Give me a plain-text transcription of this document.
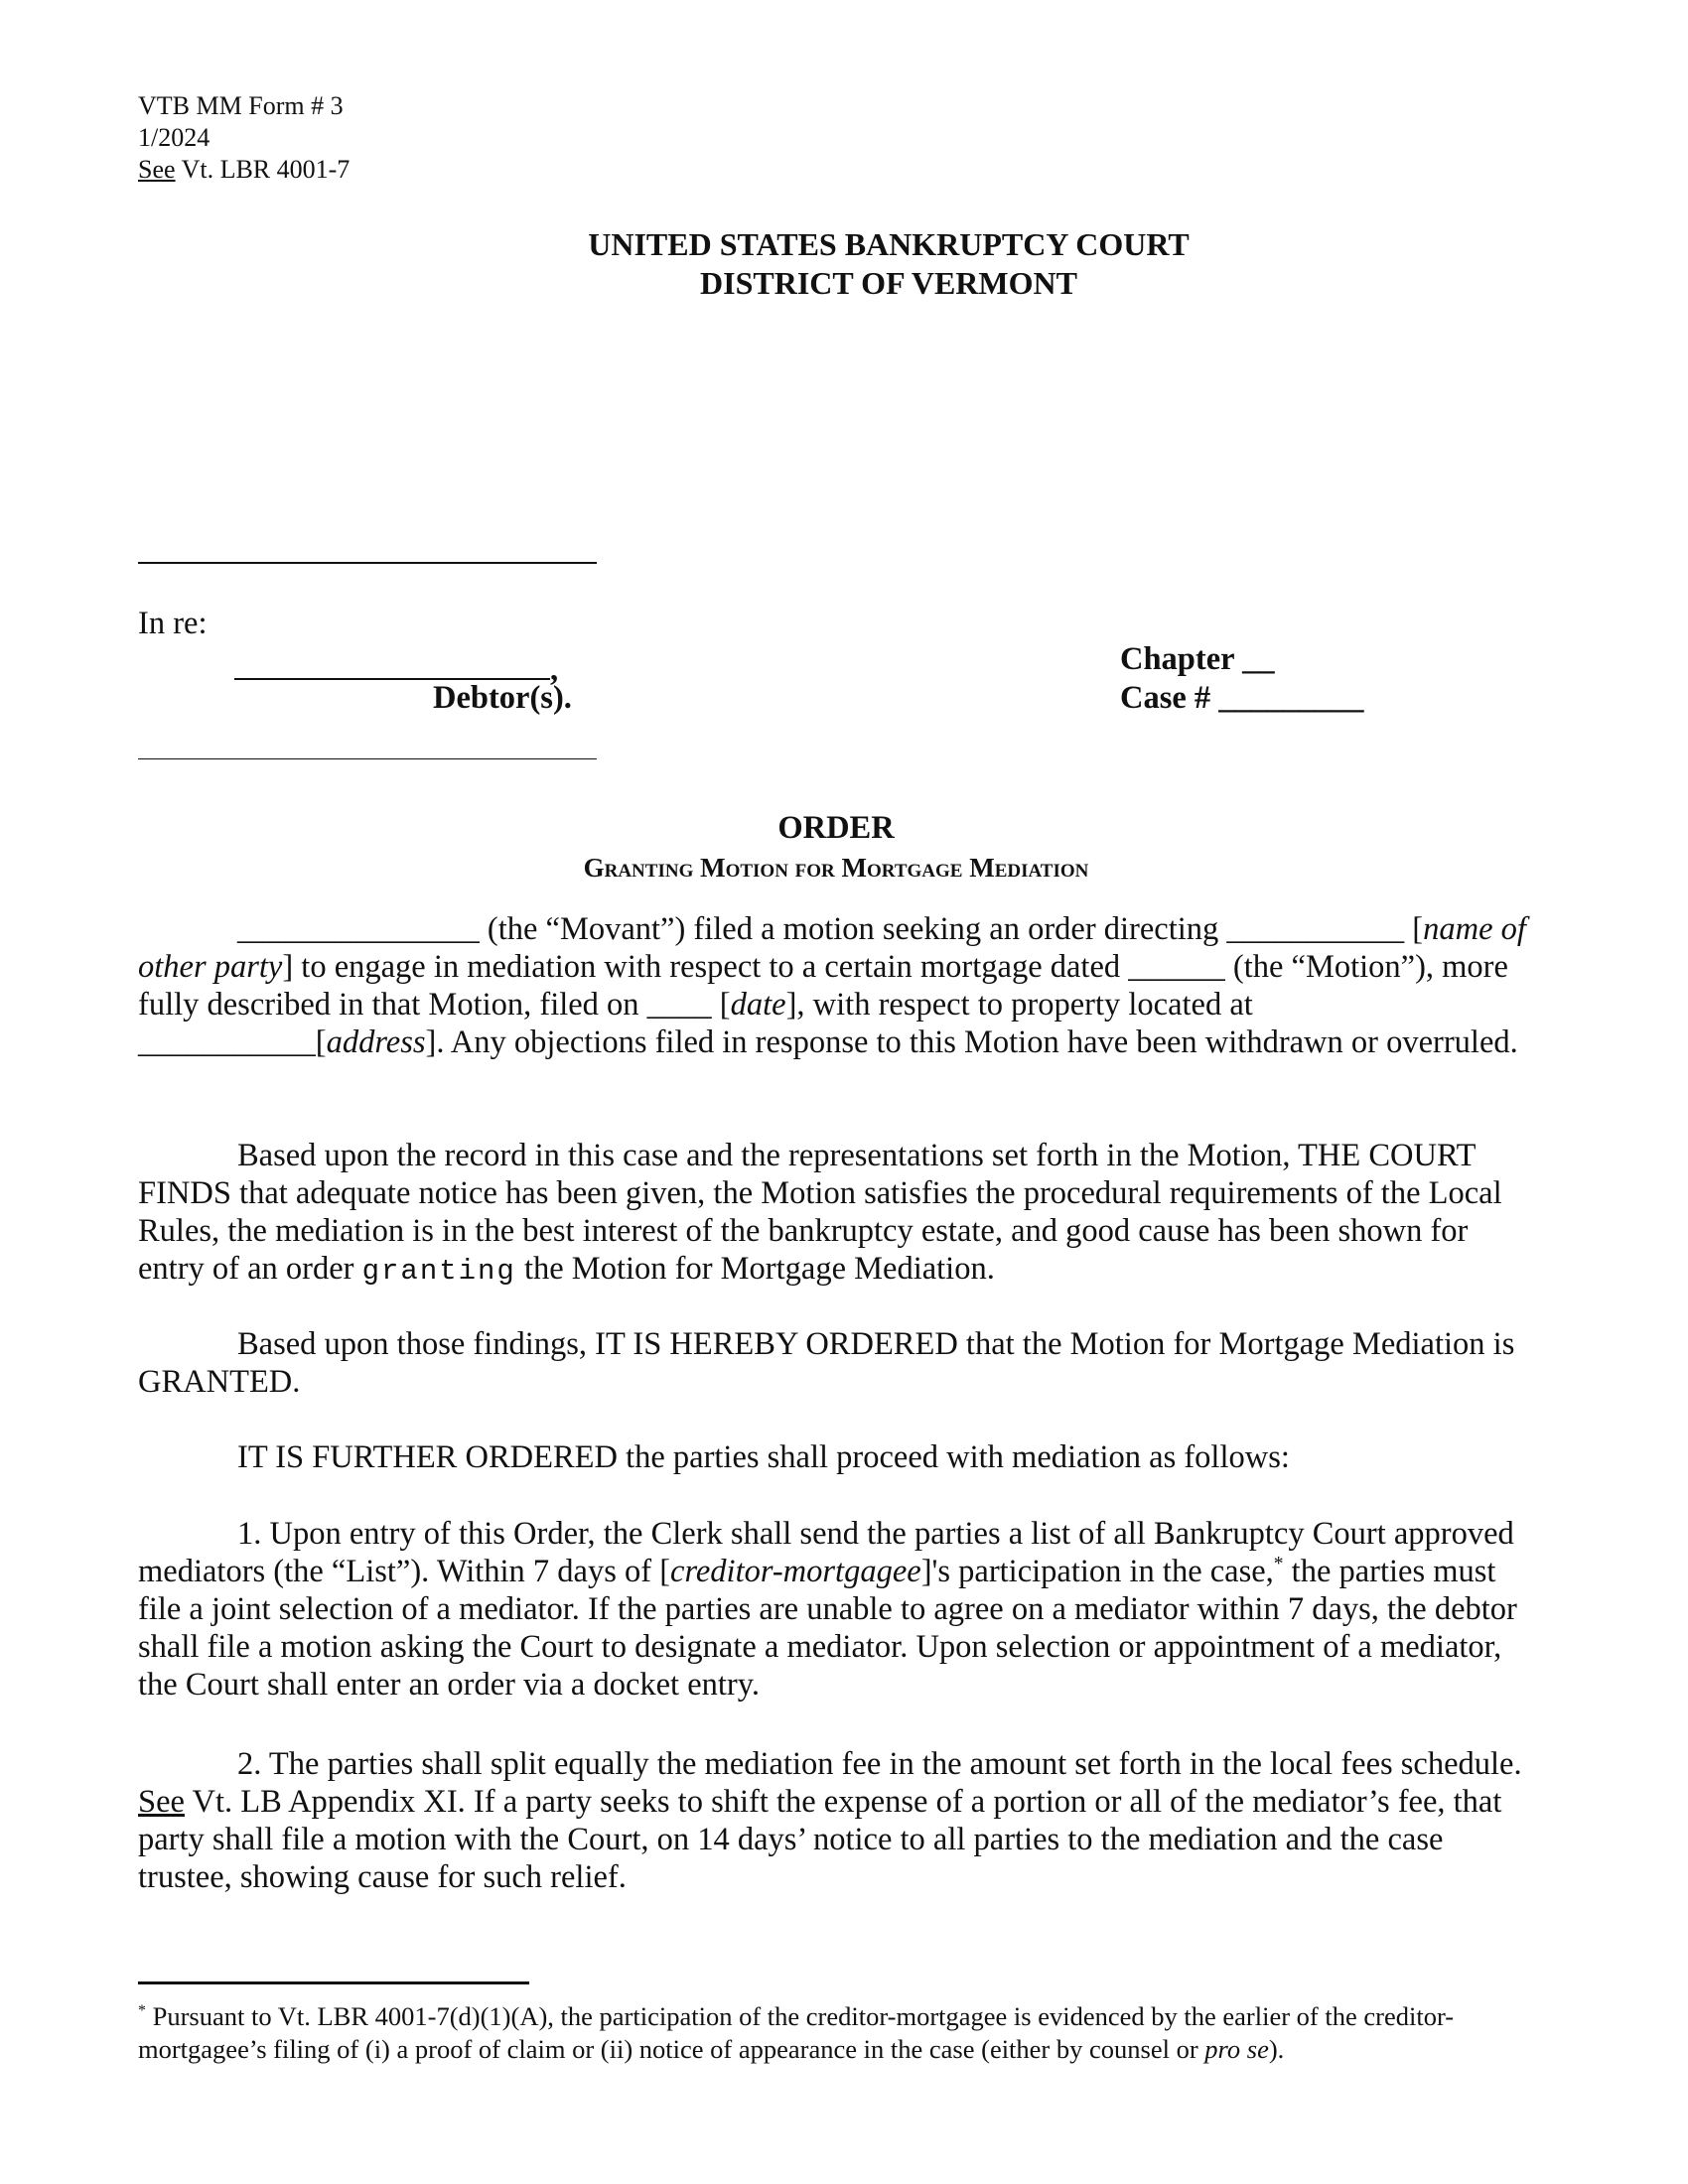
VTB MM Form # 3
1/2024
See Vt. LBR 4001-7
UNITED STATES BANKRUPTCY COURT
DISTRICT OF VERMONT
In re:
,
Debtor(s).
Chapter __
Case # _________
ORDER
Granting Motion for Mortgage Mediation
_______________ (the “Movant”) filed a motion seeking an order directing ___________ [name of other party] to engage in mediation with respect to a certain mortgage dated ______ (the “Motion”), more fully described in that Motion, filed on ____ [date], with respect to property located at ___________[address]. Any objections filed in response to this Motion have been withdrawn or overruled.
Based upon the record in this case and the representations set forth in the Motion, THE COURT FINDS that adequate notice has been given, the Motion satisfies the procedural requirements of the Local Rules, the mediation is in the best interest of the bankruptcy estate, and good cause has been shown for entry of an order granting the Motion for Mortgage Mediation.
Based upon those findings, IT IS HEREBY ORDERED that the Motion for Mortgage Mediation is GRANTED.
IT IS FURTHER ORDERED the parties shall proceed with mediation as follows:
1. Upon entry of this Order, the Clerk shall send the parties a list of all Bankruptcy Court approved mediators (the “List”). Within 7 days of [creditor-mortgagee]'s participation in the case,* the parties must file a joint selection of a mediator. If the parties are unable to agree on a mediator within 7 days, the debtor shall file a motion asking the Court to designate a mediator. Upon selection or appointment of a mediator, the Court shall enter an order via a docket entry.
2. The parties shall split equally the mediation fee in the amount set forth in the local fees schedule. See Vt. LB Appendix XI. If a party seeks to shift the expense of a portion or all of the mediator’s fee, that party shall file a motion with the Court, on 14 days’ notice to all parties to the mediation and the case trustee, showing cause for such relief.
* Pursuant to Vt. LBR 4001-7(d)(1)(A), the participation of the creditor-mortgagee is evidenced by the earlier of the creditor-mortgagee’s filing of (i) a proof of claim or (ii) notice of appearance in the case (either by counsel or pro se).
